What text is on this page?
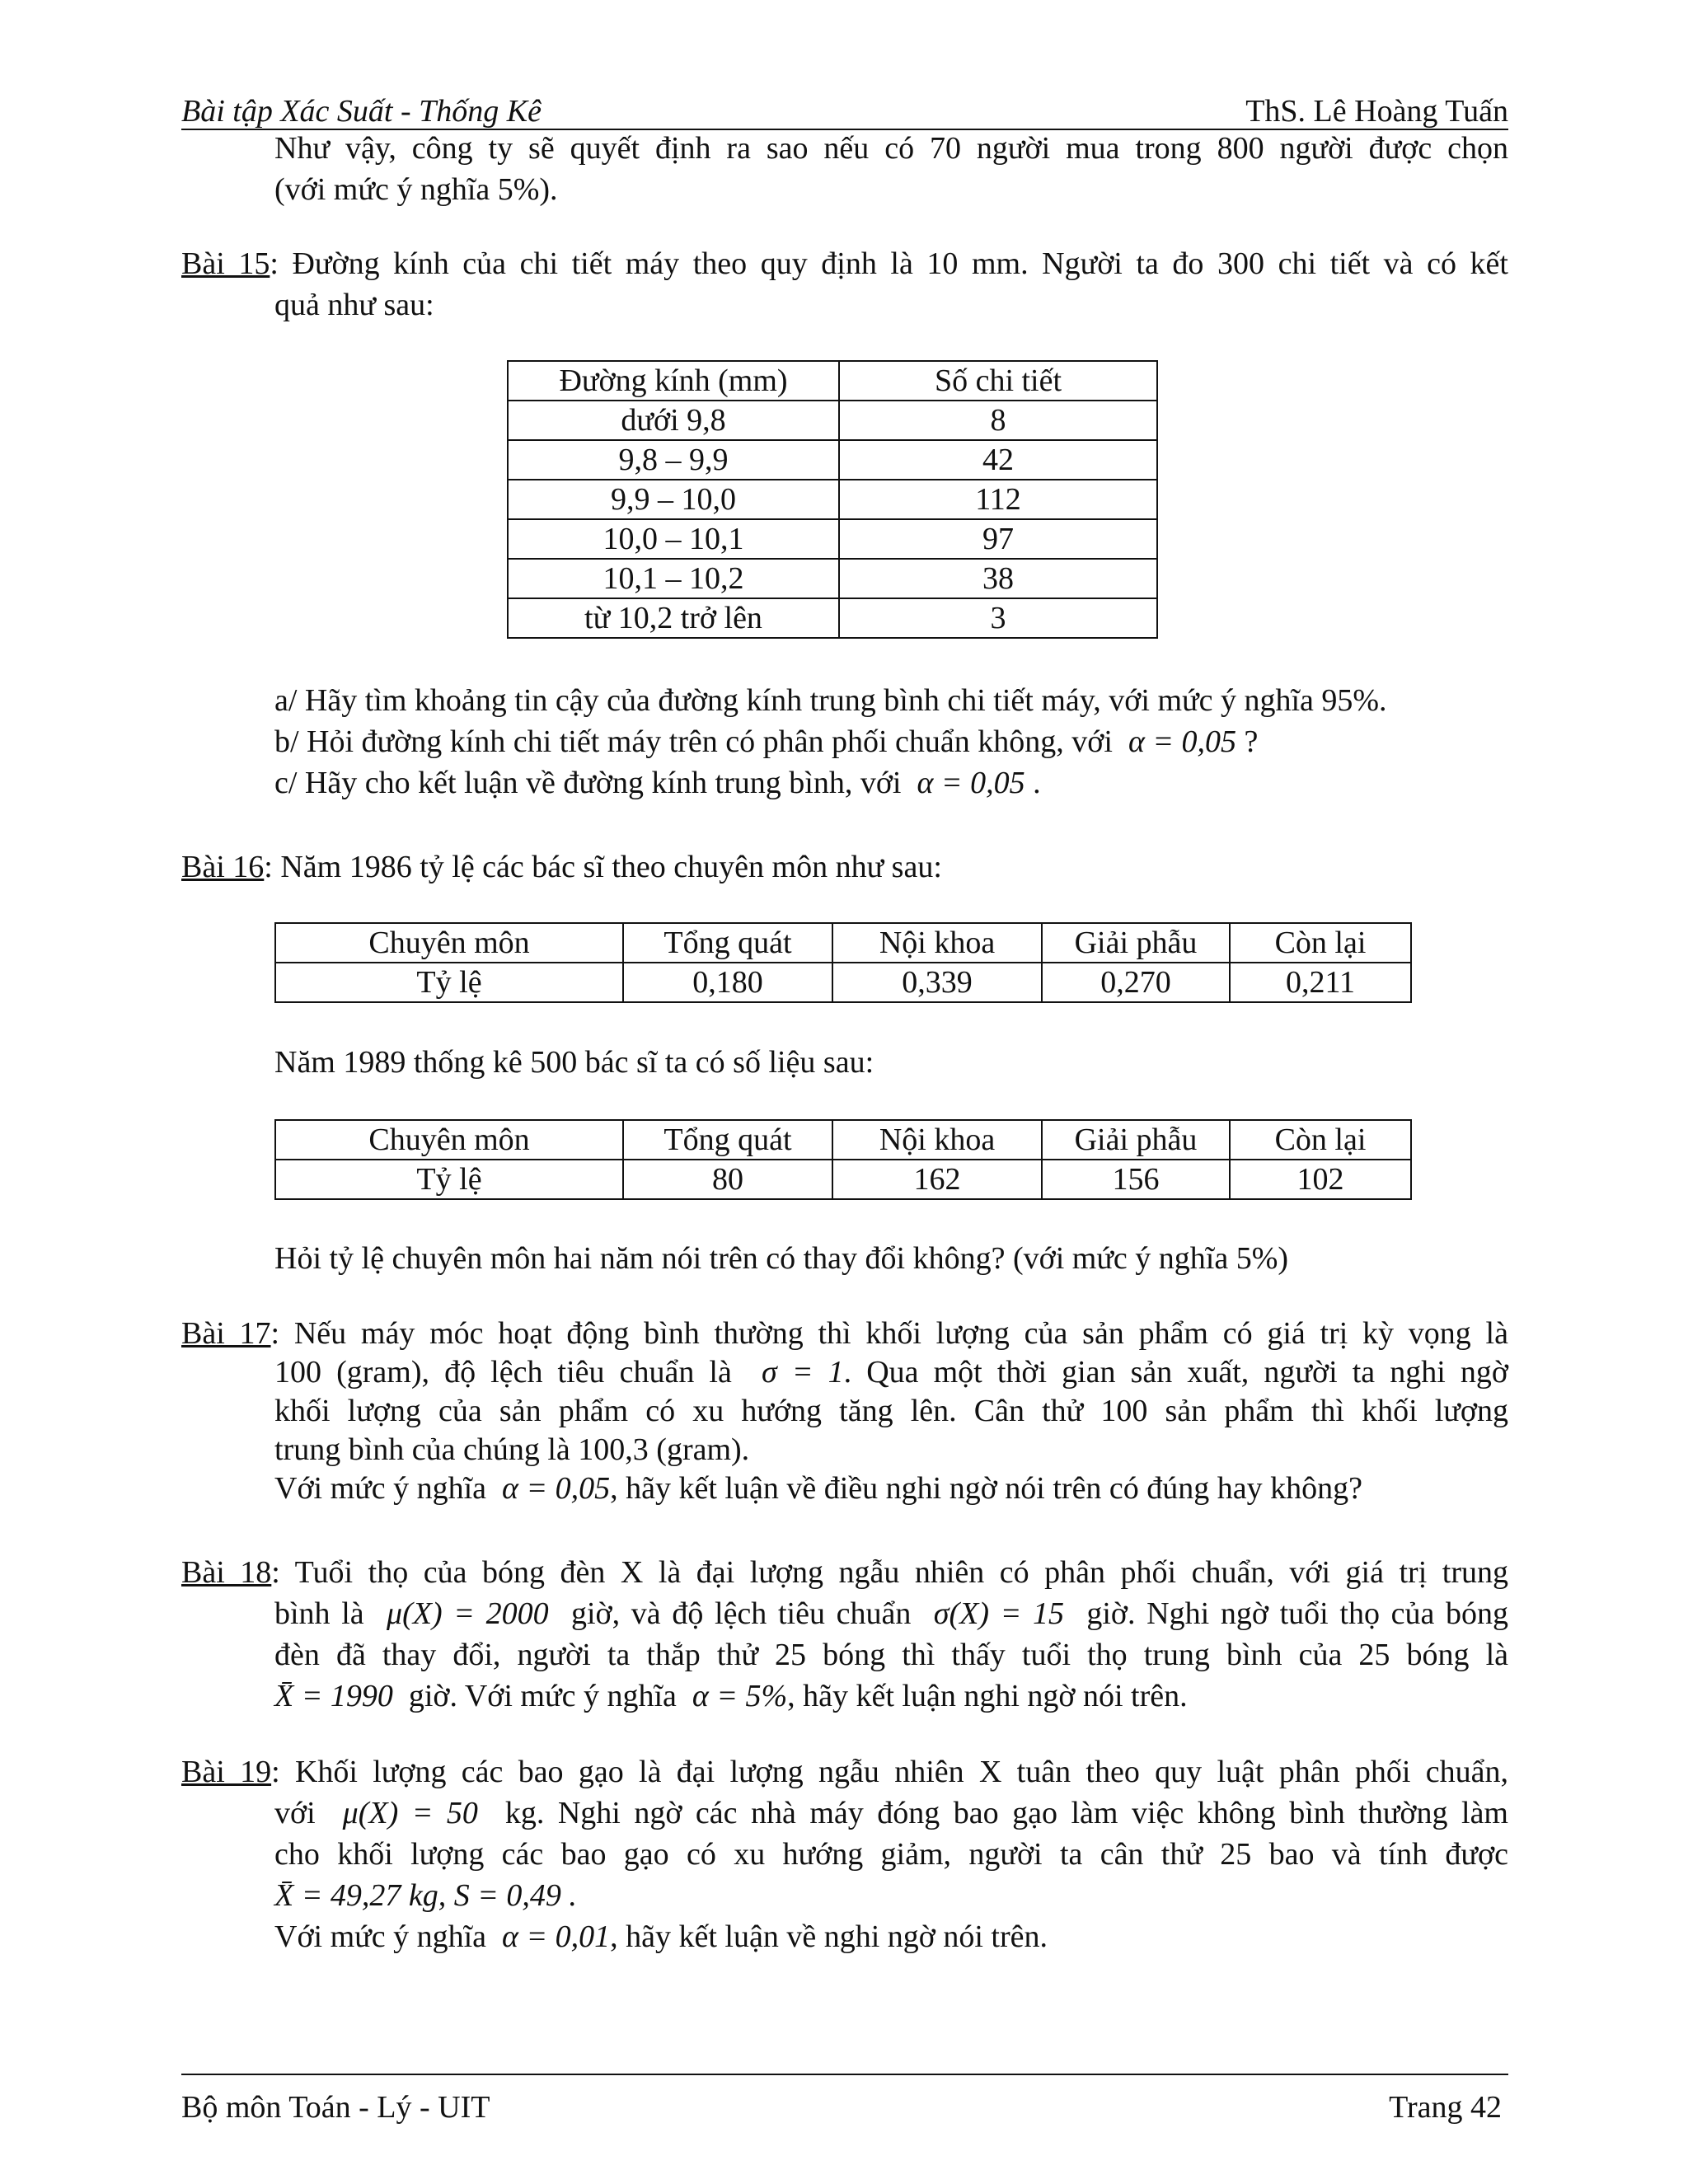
Bài tập Xác Suất - Thống Kê	ThS. Lê Hoàng Tuấn
Như vậy, công ty sẽ quyết định ra sao nếu có 70 người mua trong 800 người được chọn
(với mức ý nghĩa 5%).
Bài 15: Đường kính của chi tiết máy theo quy định là 10 mm. Người ta đo 300 chi tiết và có kết
quả như sau:
Đường kính (mm)	Số chi tiết
dưới 9,8	8
9,8 – 9,9	42
9,9 – 10,0	112
10,0 – 10,1	97
10,1 – 10,2	38
từ 10,2 trở lên	3
a/ Hãy tìm khoảng tin cậy của đường kính trung bình chi tiết máy, với mức ý nghĩa 95%.
b/ Hỏi đường kính chi tiết máy trên có phân phối chuẩn không, với α = 0,05 ?
c/ Hãy cho kết luận về đường kính trung bình, với α = 0,05 .
Bài 16: Năm 1986 tỷ lệ các bác sĩ theo chuyên môn như sau:
Chuyên môn	Tổng quát	Nội khoa	Giải phẫu	Còn lại
Tỷ lệ	0,180	0,339	0,270	0,211
Năm 1989 thống kê 500 bác sĩ ta có số liệu sau:
Chuyên môn	Tổng quát	Nội khoa	Giải phẫu	Còn lại
Tỷ lệ	80	162	156	102
Hỏi tỷ lệ chuyên môn hai năm nói trên có thay đổi không? (với mức ý nghĩa 5%)
Bài 17: Nếu máy móc hoạt động bình thường thì khối lượng của sản phẩm có giá trị kỳ vọng là
100 (gram), độ lệch tiêu chuẩn là σ = 1. Qua một thời gian sản xuất, người ta nghi ngờ
khối lượng của sản phẩm có xu hướng tăng lên. Cân thử 100 sản phẩm thì khối lượng
trung bình của chúng là 100,3 (gram).
Với mức ý nghĩa α = 0,05, hãy kết luận về điều nghi ngờ nói trên có đúng hay không?
Bài 18: Tuổi thọ của bóng đèn X là đại lượng ngẫu nhiên có phân phối chuẩn, với giá trị trung
bình là μ(X) = 2000 giờ, và độ lệch tiêu chuẩn σ(X) = 15 giờ. Nghi ngờ tuổi thọ của bóng
đèn đã thay đổi, người ta thắp thử 25 bóng thì thấy tuổi thọ trung bình của 25 bóng là
X̄ = 1990 giờ. Với mức ý nghĩa α = 5%, hãy kết luận nghi ngờ nói trên.
Bài 19: Khối lượng các bao gạo là đại lượng ngẫu nhiên X tuân theo quy luật phân phối chuẩn,
với μ(X) = 50 kg. Nghi ngờ các nhà máy đóng bao gạo làm việc không bình thường làm
cho khối lượng các bao gạo có xu hướng giảm, người ta cân thử 25 bao và tính được
X̄ = 49,27 kg, S = 0,49 .
Với mức ý nghĩa α = 0,01, hãy kết luận về nghi ngờ nói trên.
Bộ môn Toán - Lý - UIT	Trang 42
